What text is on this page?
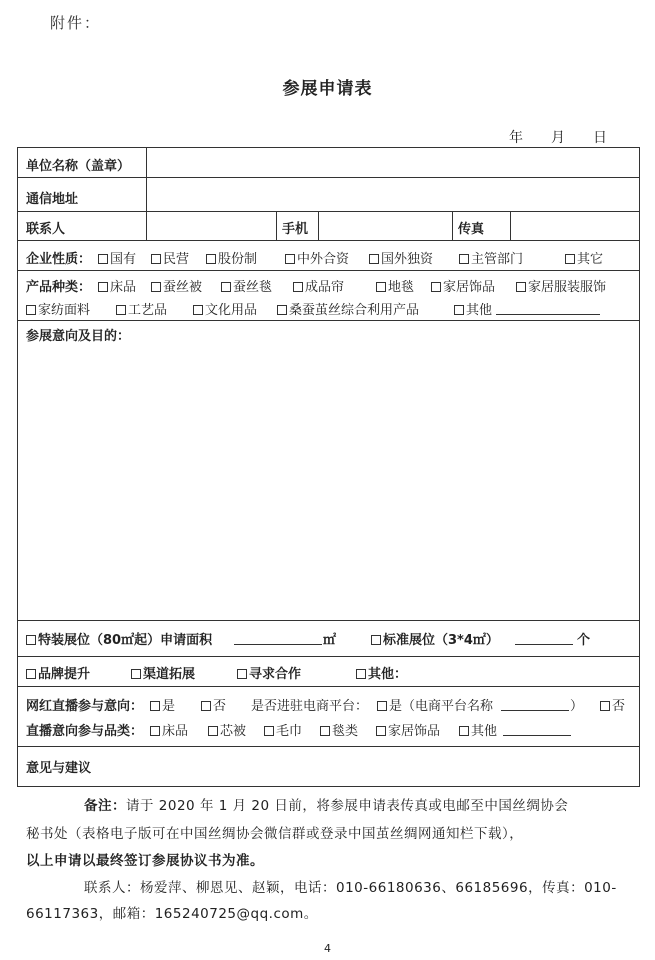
附件：
参展申请表
年 月 日
单位名称（盖章）
通信地址
联系人	手机	传真
企业性质：	国有	民营	股份制	中外合资	国外独资	主管部门	其它
产品种类：	床品	蚕丝被	蚕丝毯	成品帘	地毯	家居饰品	家居服装服饰
家纺面料	工艺品	文化用品	桑蚕茧丝综合利用产品	其他
参展意向及目的：
特装展位（80㎡起）申请面积	㎡	标准展位（3*4㎡）	个
品牌提升	渠道拓展	寻求合作	其他：
网红直播参与意向：	是	否 是否进驻电商平台：	是（电商平台名称	）	否
直播意向参与品类：	床品	芯被	毛巾	毯类	家居饰品	其他
意见与建议
备注：请于 2020 年 1 月 20 日前，将参展申请表传真或电邮至中国丝绸协会
秘书处（表格电子版可在中国丝绸协会微信群或登录中国茧丝绸网通知栏下载），
以上申请以最终签订参展协议书为准。
联系人：杨爱萍、柳恩见、赵颖，电话：010-66180636、66185696，传真：010-
66117363，邮箱：165240725@qq.com。
4
